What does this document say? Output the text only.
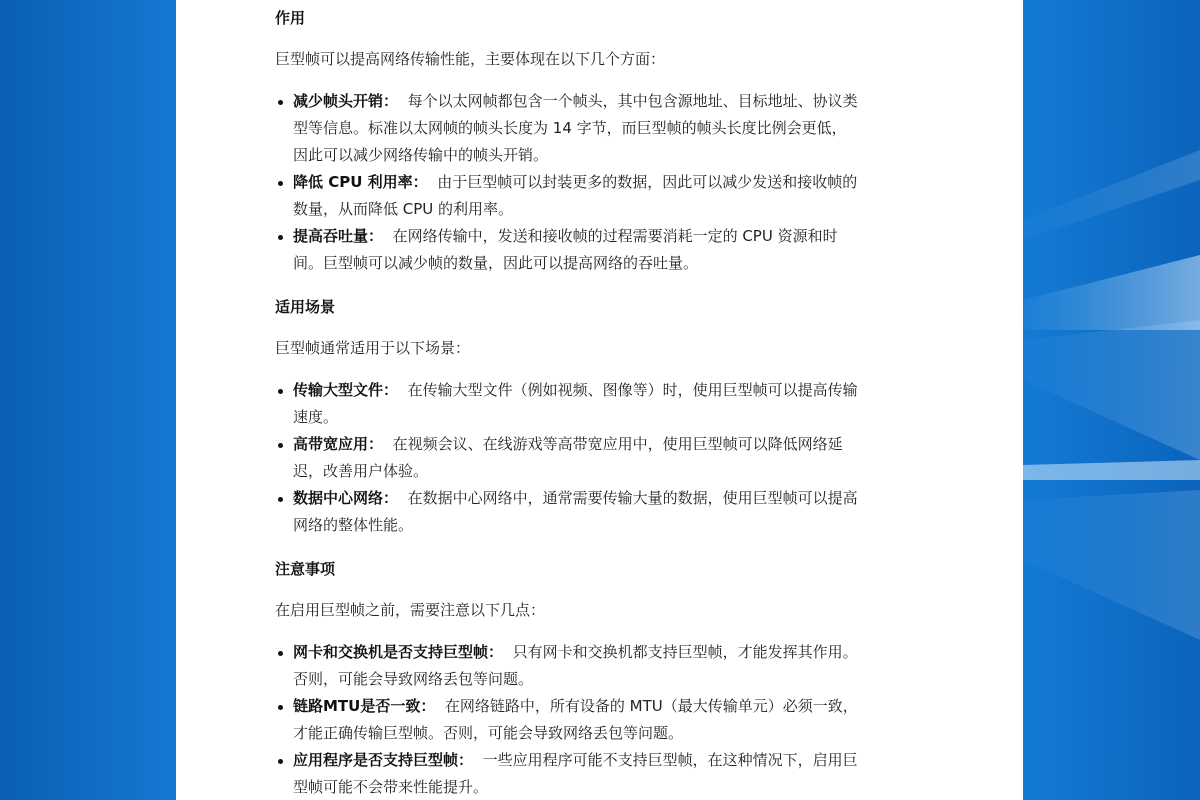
作用
巨型帧可以提高网络传输性能，主要体现在以下几个方面：
减少帧头开销： 每个以太网帧都包含一个帧头，其中包含源地址、目标地址、协议类
型等信息。标准以太网帧的帧头长度为 14 字节，而巨型帧的帧头长度比例会更低，
因此可以减少网络传输中的帧头开销。
降低 CPU 利用率： 由于巨型帧可以封装更多的数据，因此可以减少发送和接收帧的
数量，从而降低 CPU 的利用率。
提高吞吐量： 在网络传输中，发送和接收帧的过程需要消耗一定的 CPU 资源和时
间。巨型帧可以减少帧的数量，因此可以提高网络的吞吐量。
适用场景
巨型帧通常适用于以下场景：
传输大型文件： 在传输大型文件（例如视频、图像等）时，使用巨型帧可以提高传输
速度。
高带宽应用： 在视频会议、在线游戏等高带宽应用中，使用巨型帧可以降低网络延
迟，改善用户体验。
数据中心网络： 在数据中心网络中，通常需要传输大量的数据，使用巨型帧可以提高
网络的整体性能。
注意事项
在启用巨型帧之前，需要注意以下几点：
网卡和交换机是否支持巨型帧： 只有网卡和交换机都支持巨型帧，才能发挥其作用。
否则，可能会导致网络丢包等问题。
链路MTU是否一致： 在网络链路中，所有设备的 MTU（最大传输单元）必须一致，
才能正确传输巨型帧。否则，可能会导致网络丢包等问题。
应用程序是否支持巨型帧： 一些应用程序可能不支持巨型帧，在这种情况下，启用巨
型帧可能不会带来性能提升。
